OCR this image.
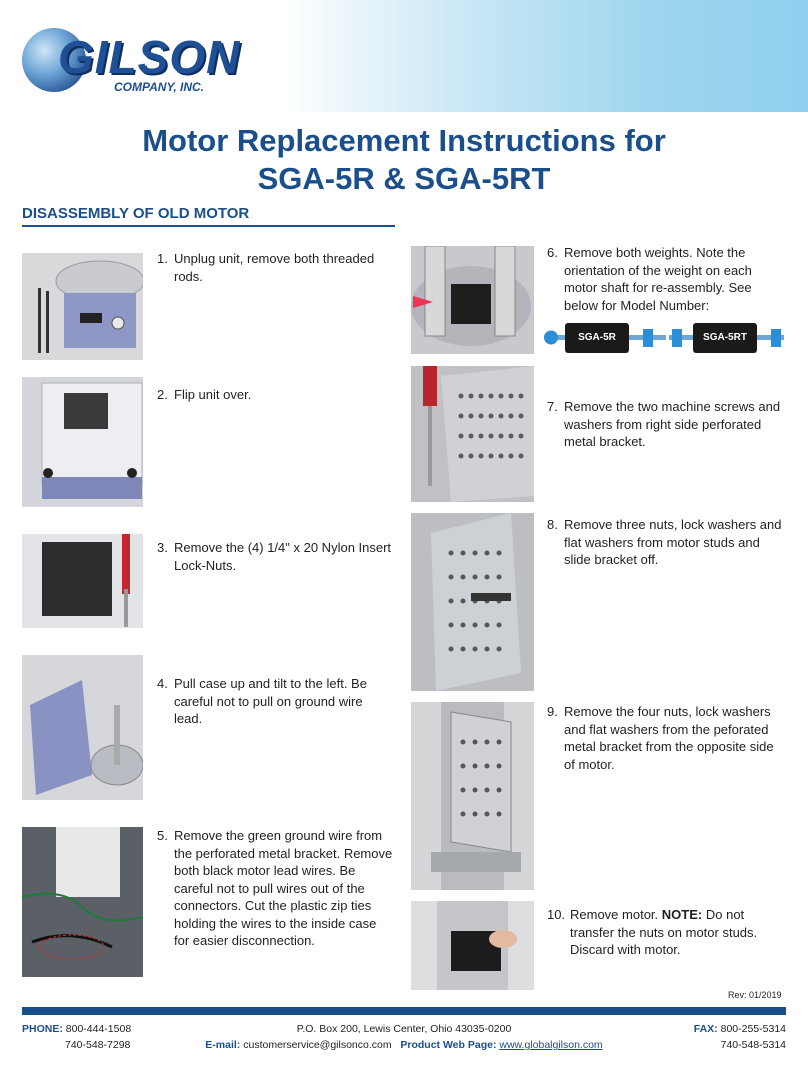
GILSON
COMPANY, INC.
Motor Replacement Instructions for
SGA-5R & SGA-5RT
DISASSEMBLY OF OLD MOTOR
1. Unplug unit, remove both threaded rods.
2. Flip unit over.
3. Remove the (4) 1/4" x 20 Nylon Insert Lock-Nuts.
4. Pull case up and tilt to the left. Be careful not to pull on ground wire lead.
5. Remove the green ground wire from the perforated metal bracket. Remove both black motor lead wires. Be careful not to pull wires out of the connectors. Cut the plastic zip ties holding the wires to the inside case for easier disconnection.
6. Remove both weights. Note the orientation of the weight on each motor shaft for re-assembly. See below for Model Number:
SGA-5R	SGA-5RT
7. Remove the two machine screws and washers from right side perforated metal bracket.
8. Remove three nuts, lock washers and flat washers from motor studs and slide bracket off.
9. Remove the four nuts, lock washers and flat washers from the peforated metal bracket from the opposite side of motor.
10. Remove motor. NOTE: Do not transfer the nuts on motor studs. Discard with motor.
Rev: 01/2019
PHONE: 800-444-1508
740-548-7298
P.O. Box 200, Lewis Center, Ohio 43035-0200
E-mail: customerservice@gilsonco.com Product Web Page: www.globalgilson.com
FAX: 800-255-5314
740-548-5314
